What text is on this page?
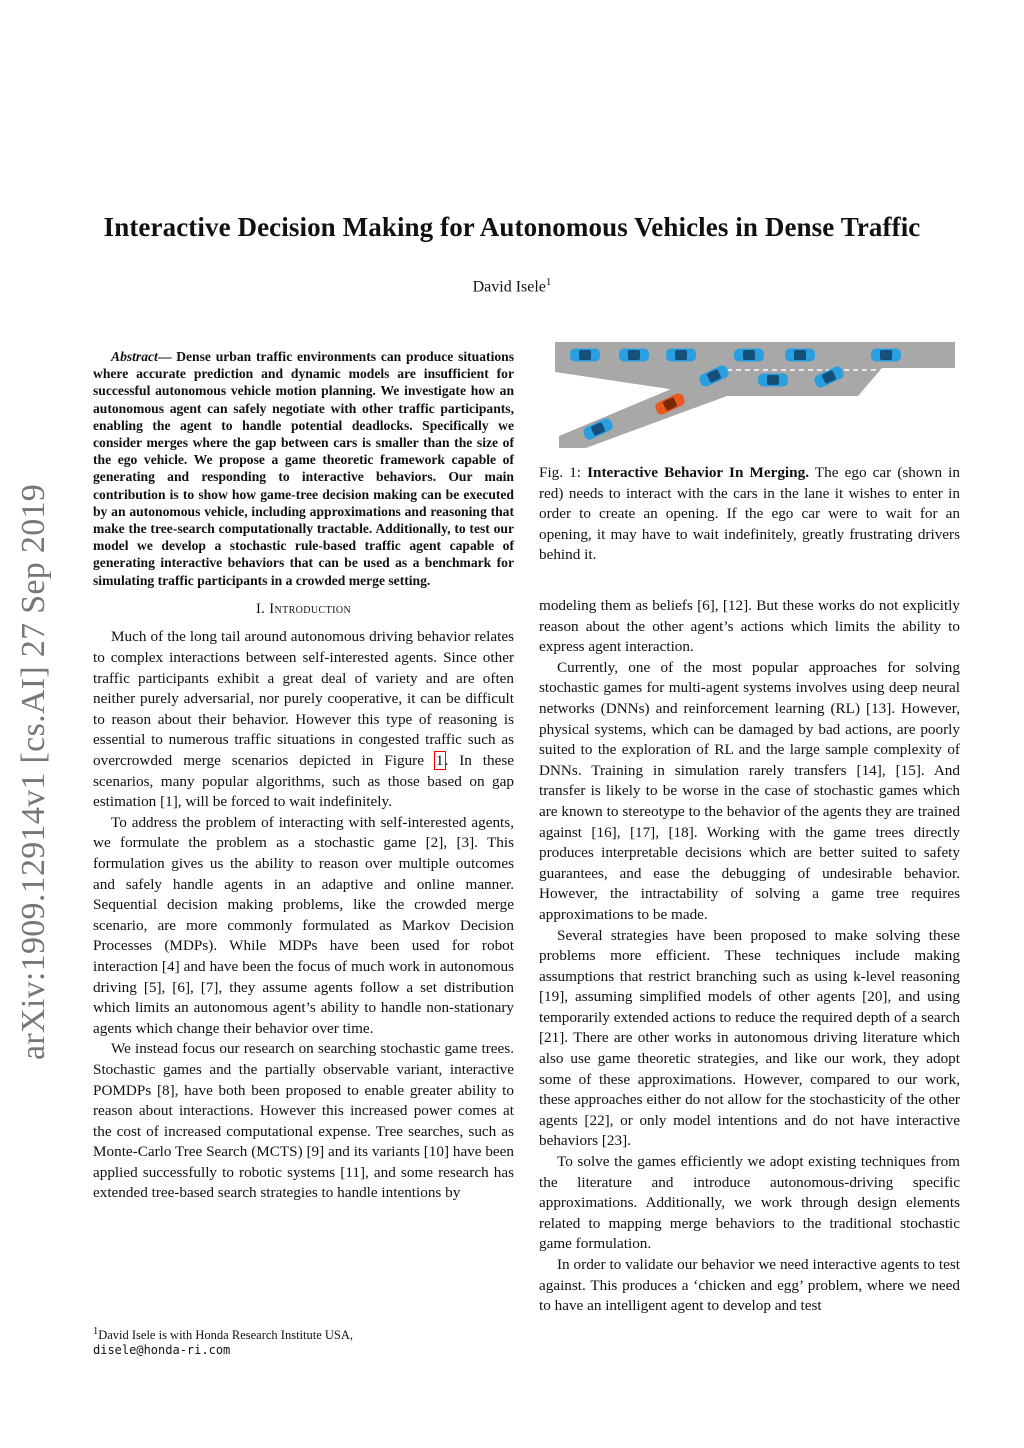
Interactive Decision Making for Autonomous Vehicles in Dense Traffic
David Isele$^1$
arXiv:1909.12914v1 [cs.AI] 27 Sep 2019

Abstract— Dense urban traffic environments can produce situations where accurate prediction and dynamic models are insufficient for successful autonomous vehicle motion planning. We investigate how an autonomous agent can safely negotiate with other traffic participants, enabling the agent to handle potential deadlocks. Specifically we consider merges where the gap between cars is smaller than the size of the ego vehicle. We propose a game theoretic framework capable of generating and responding to interactive behaviors. Our main contribution is to show how game-tree decision making can be executed by an autonomous vehicle, including approximations and reasoning that make the tree-search computationally tractable. Additionally, to test our model we develop a stochastic rule-based traffic agent capable of generating interactive behaviors that can be used as a benchmark for simulating traffic participants in a crowded merge setting.

I. Introduction

Much of the long tail around autonomous driving behavior relates to complex interactions between self-interested agents. Since other traffic participants exhibit a great deal of variety and are often neither purely adversarial, nor purely cooperative, it can be difficult to reason about their behavior. However this type of reasoning is essential to numerous traffic situations in congested traffic such as overcrowded merge scenarios depicted in Figure 1. In these scenarios, many popular algorithms, such as those based on gap estimation [1], will be forced to wait indefinitely.

To address the problem of interacting with self-interested agents, we formulate the problem as a stochastic game [2], [3]. This formulation gives us the ability to reason over multiple outcomes and safely handle agents in an adaptive and online manner. Sequential decision making problems, like the crowded merge scenario, are more commonly formulated as Markov Decision Processes (MDPs). While MDPs have been used for robot interaction [4] and have been the focus of much work in autonomous driving [5], [6], [7], they assume agents follow a set distribution which limits an autonomous agent’s ability to handle non-stationary agents which change their behavior over time.

We instead focus our research on searching stochastic game trees. Stochastic games and the partially observable variant, interactive POMDPs [8], have both been proposed to enable greater ability to reason about interactions. However this increased power comes at the cost of increased computational expense. Tree searches, such as Monte-Carlo Tree Search (MCTS) [9] and its variants [10] have been applied successfully to robotic systems [11], and some research has extended tree-based search strategies to handle intentions by

$^1$David Isele is with Honda Research Institute USA,
disele@honda-ri.com
Fig. 1: Interactive Behavior In Merging. The ego car (shown in red) needs to interact with the cars in the lane it wishes to enter in order to create an opening. If the ego car were to wait for an opening, it may have to wait indefinitely, greatly frustrating drivers behind it.

modeling them as beliefs [6], [12]. But these works do not explicitly reason about the other agent’s actions which limits the ability to express agent interaction.

Currently, one of the most popular approaches for solving stochastic games for multi-agent systems involves using deep neural networks (DNNs) and reinforcement learning (RL) [13]. However, physical systems, which can be damaged by bad actions, are poorly suited to the exploration of RL and the large sample complexity of DNNs. Training in simulation rarely transfers [14], [15]. And transfer is likely to be worse in the case of stochastic games which are known to stereotype to the behavior of the agents they are trained against [16], [17], [18]. Working with the game trees directly produces interpretable decisions which are better suited to safety guarantees, and ease the debugging of undesirable behavior. However, the intractability of solving a game tree requires approximations to be made.

Several strategies have been proposed to make solving these problems more efficient. These techniques include making assumptions that restrict branching such as using k-level reasoning [19], assuming simplified models of other agents [20], and using temporarily extended actions to reduce the required depth of a search [21]. There are other works in autonomous driving literature which also use game theoretic strategies, and like our work, they adopt some of these approximations. However, compared to our work, these approaches either do not allow for the stochasticity of the other agents [22], or only model intentions and do not have interactive behaviors [23].

To solve the games efficiently we adopt existing techniques from the literature and introduce autonomous-driving specific approximations. Additionally, we work through design elements related to mapping merge behaviors to the traditional stochastic game formulation.

In order to validate our behavior we need interactive agents to test against. This produces a ‘chicken and egg’ problem, where we need to have an intelligent agent to develop and test
